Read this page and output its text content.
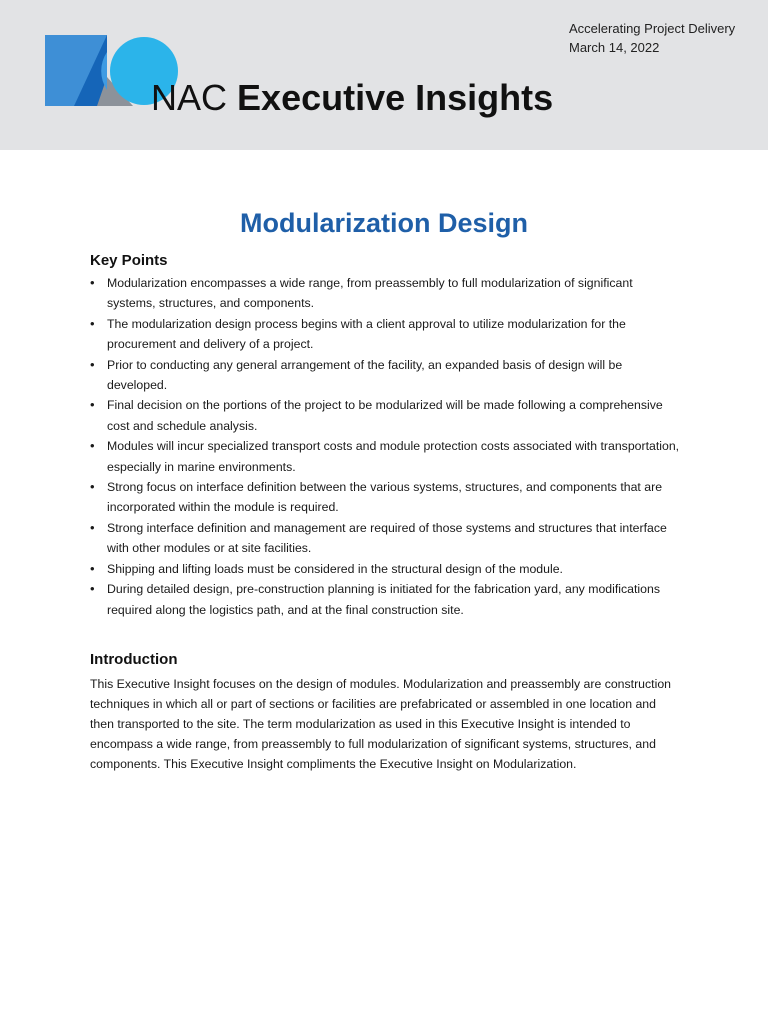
NAC Executive Insights
Accelerating Project Delivery
March 14, 2022
Modularization Design
Key Points
• Modularization encompasses a wide range, from preassembly to full modularization of significant systems, structures, and components.
• The modularization design process begins with a client approval to utilize modularization for the procurement and delivery of a project.
• Prior to conducting any general arrangement of the facility, an expanded basis of design will be developed.
• Final decision on the portions of the project to be modularized will be made following a comprehensive cost and schedule analysis.
• Modules will incur specialized transport costs and module protection costs associated with transportation, especially in marine environments.
• Strong focus on interface definition between the various systems, structures, and components that are incorporated within the module is required.
• Strong interface definition and management are required of those systems and structures that interface with other modules or at site facilities.
• Shipping and lifting loads must be considered in the structural design of the module.
• During detailed design, pre-construction planning is initiated for the fabrication yard, any modifications required along the logistics path, and at the final construction site.
Introduction

This Executive Insight focuses on the design of modules. Modularization and preassembly are construction techniques in which all or part of sections or facilities are prefabricated or assembled in one location and then transported to the site. The term modularization as used in this Executive Insight is intended to encompass a wide range, from preassembly to full modularization of significant systems, structures, and components. This Executive Insight compliments the Executive Insight on Modularization.
